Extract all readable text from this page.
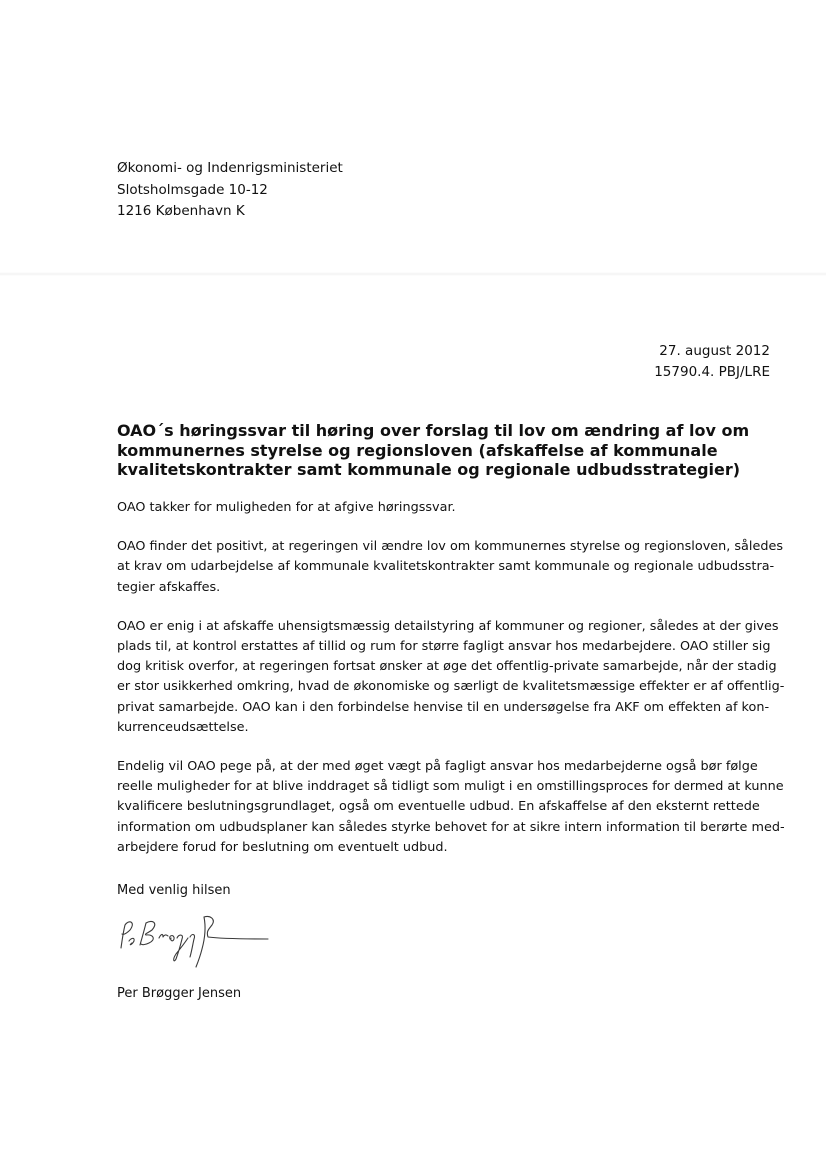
Økonomi- og Indenrigsministeriet
Slotsholmsgade 10-12
1216 København K
27. august 2012
15790.4. PBJ/LRE
OAO´s høringssvar til høring over forslag til lov om ændring af lov om
kommunernes styrelse og regionsloven (afskaffelse af kommunale
kvalitetskontrakter samt kommunale og regionale udbudsstrategier)

OAO takker for muligheden for at afgive høringssvar.

OAO finder det positivt, at regeringen vil ændre lov om kommunernes styrelse og regionsloven, således
at krav om udarbejdelse af kommunale kvalitetskontrakter samt kommunale og regionale udbudsstra-
tegier afskaffes.

OAO er enig i at afskaffe uhensigtsmæssig detailstyring af kommuner og regioner, således at der gives
plads til, at kontrol erstattes af tillid og rum for større fagligt ansvar hos medarbejdere. OAO stiller sig
dog kritisk overfor, at regeringen fortsat ønsker at øge det offentlig-private samarbejde, når der stadig
er stor usikkerhed omkring, hvad de økonomiske og særligt de kvalitetsmæssige effekter er af offentlig-
privat samarbejde. OAO kan i den forbindelse henvise til en undersøgelse fra AKF om effekten af kon-
kurrenceudsættelse.

Endelig vil OAO pege på, at der med øget vægt på fagligt ansvar hos medarbejderne også bør følge
reelle muligheder for at blive inddraget så tidligt som muligt i en omstillingsproces for dermed at kunne
kvalificere beslutningsgrundlaget, også om eventuelle udbud. En afskaffelse af den eksternt rettede
information om udbudsplaner kan således styrke behovet for at sikre intern information til berørte med-
arbejdere forud for beslutning om eventuelt udbud.

Med venlig hilsen
Per Brøgger Jensen
